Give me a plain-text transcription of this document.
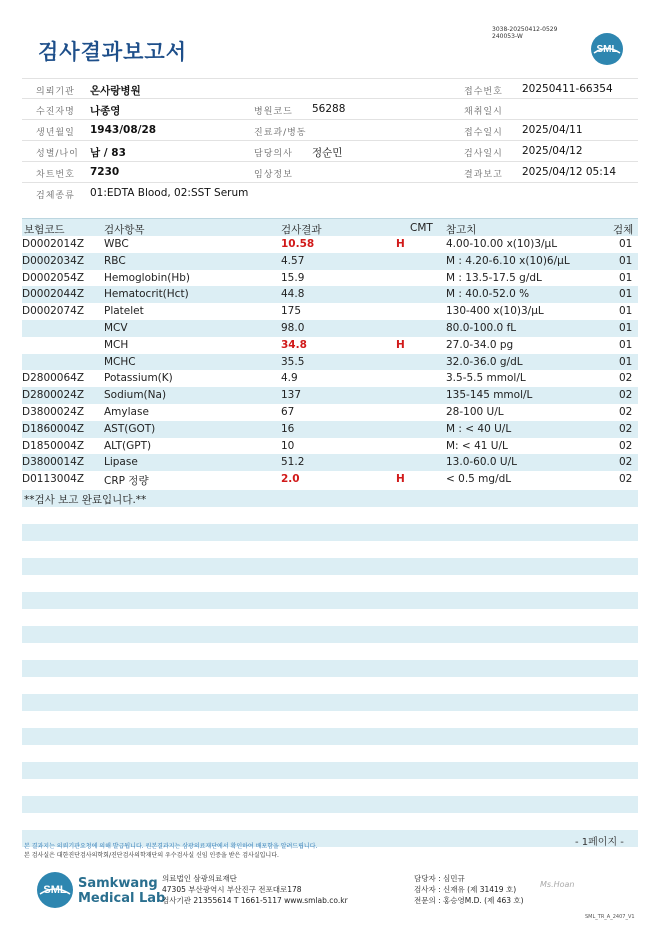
3038-20250412-0529
240053-W
검사결과보고서	SML
의뢰기관 온사랑병원	접수번호 20250411-66354
수진자명 나종영	병원코드 56288	채취일시
생년월일 1943/08/28	진료과/병동	접수일시 2025/04/11
성별/나이 남 / 83	담당의사 정순민	검사일시 2025/04/12
차트번호 7230	임상정보	결과보고 2025/04/12 05:14
검체종류 01:EDTA Blood, 02:SST Serum
보험코드	검사항목	검사결과	CMT 참고치	검체
D0002014Z WBC	10.58	H	4.00-10.00 x(10)3/μL	01
D0002034Z RBC	4.57	M : 4.20-6.10 x(10)6/μL	01
D0002054Z Hemoglobin(Hb)	15.9	M : 13.5-17.5 g/dL	01
D0002044Z Hematocrit(Hct)	44.8	M : 40.0-52.0 %	01
D0002074Z Platelet	175	130-400 x(10)3/μL	01
MCV	98.0	80.0-100.0 fL	01
MCH	34.8	H	27.0-34.0 pg	01
MCHC	35.5	32.0-36.0 g/dL	01
D2800064Z Potassium(K)	4.9	3.5-5.5 mmol/L	02
D2800024Z Sodium(Na)	137	135-145 mmol/L	02
D3800024Z Amylase	67	28-100 U/L	02
D1860004Z AST(GOT)	16	M : < 40 U/L	02
D1850004Z ALT(GPT)	10	M: < 41 U/L	02
D3800014Z Lipase	51.2	13.0-60.0 U/L	02
D0113004Z CRP 정량	2.0	H	< 0.5 mg/dL	02
**검사 보고 완료입니다.**
- 1페이지 -
본 결과지는 의뢰기관요청에 의해 발급됩니다. 원본결과지는 삼광의료재단에서 확인하여 배포함을 알려드립니다.
본 검사실은 대한진단검사의학회/진단검사의학재단의 우수검사실 신임 인증을 받은 검사실입니다.
SML Samkwang
Medical Lab
의료법인 삼광의료재단
47305 부산광역시 부산진구 전포대로178
검사기관 21355614 T 1661-5117 www.smlab.co.kr
담당자 : 심민규
검사자 : 신재유 (제 31419 호)
전문의 : 홍승영M.D. (제 463 호)
Ms.Hoan
SML_TR_A_2407_V1
